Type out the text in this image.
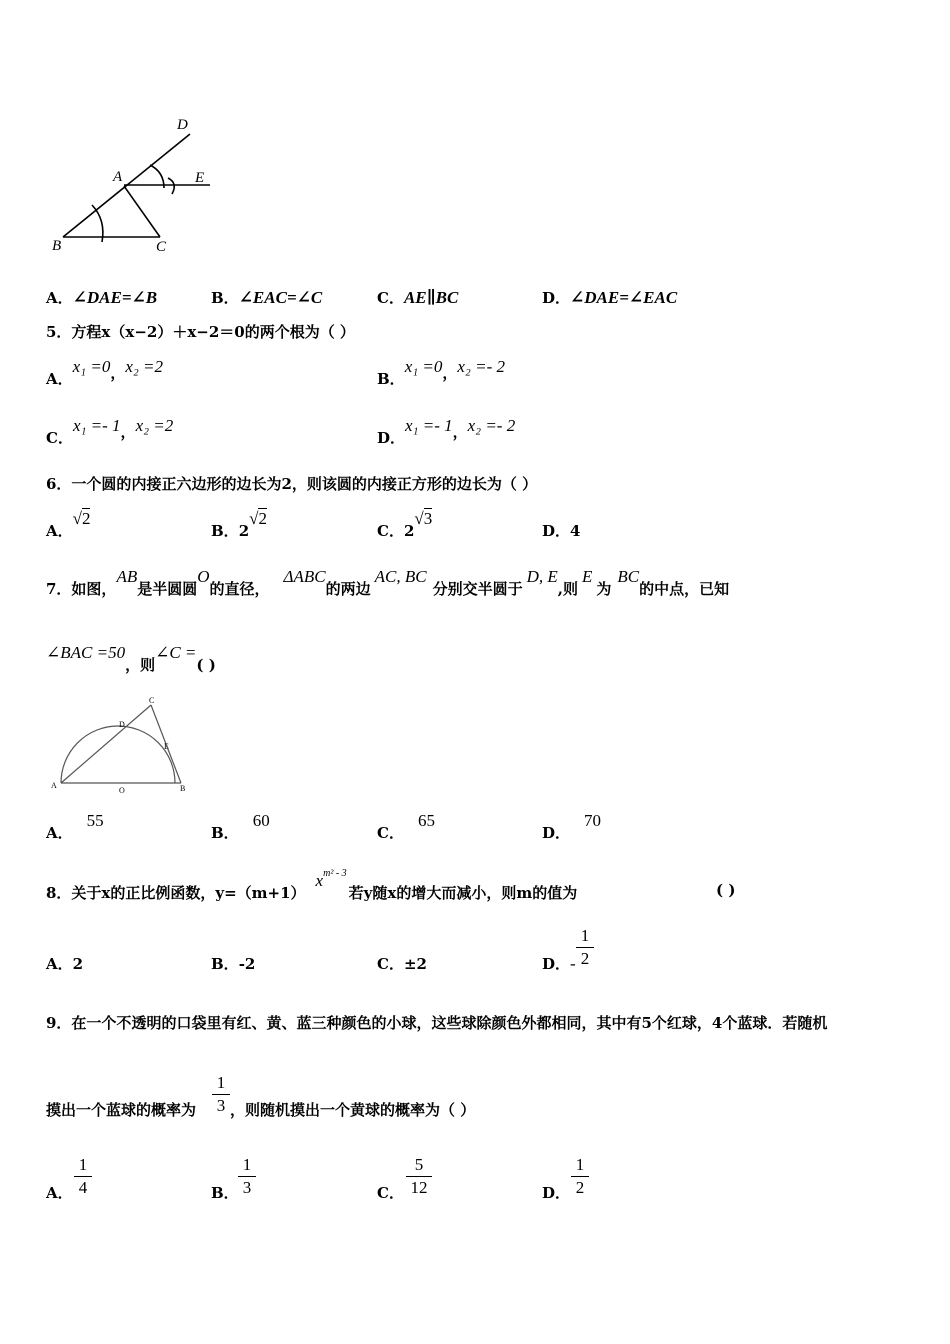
D
A	E
B	C
A．∠DAE=∠B	B．∠EAC=∠C	C．AE∥BC	D．∠DAE=∠EAC
5．方程x（x−2）＋x−2＝0的两个根为（ ）
A．x₁ =0，x₂ =2
B．x₁ =0，x₂ =- 2
C．x₁ =- 1，x₂ =2
D．x₁ =- 1，x₂ =- 2
6．一个圆的内接正六边形的边长为2，则该圆的内接正方形的边长为（ ）
A．√2
B．2√2
C．2√3
D．4
7．如图，AB是半圆圆O的直径，ΔABC的两边AC, BC分别交半圆于D, E,则E为BC的中点，已知
∠BAC =50，则∠C =( )
C
D
E
A
O	B
A．55
B．60
C．65
D．70
8．关于x的正比例函数，$y=(m+1)x^{m^2 - 3}$若y随x的增大而减小，则m的值为	( )
A．2	B．-2	C．±2	D．-
1
2
9．在一个不透明的口袋里有红、黄、蓝三种颜色的小球，这些球除颜色外都相同，其中有5个红球，4个蓝球．若随机
摸出一个蓝球的概率为
1
3 ，则随机摸出一个黄球的概率为（ ）
A．
1
4	B．
1
3	C．
5
12	D．
1
2
